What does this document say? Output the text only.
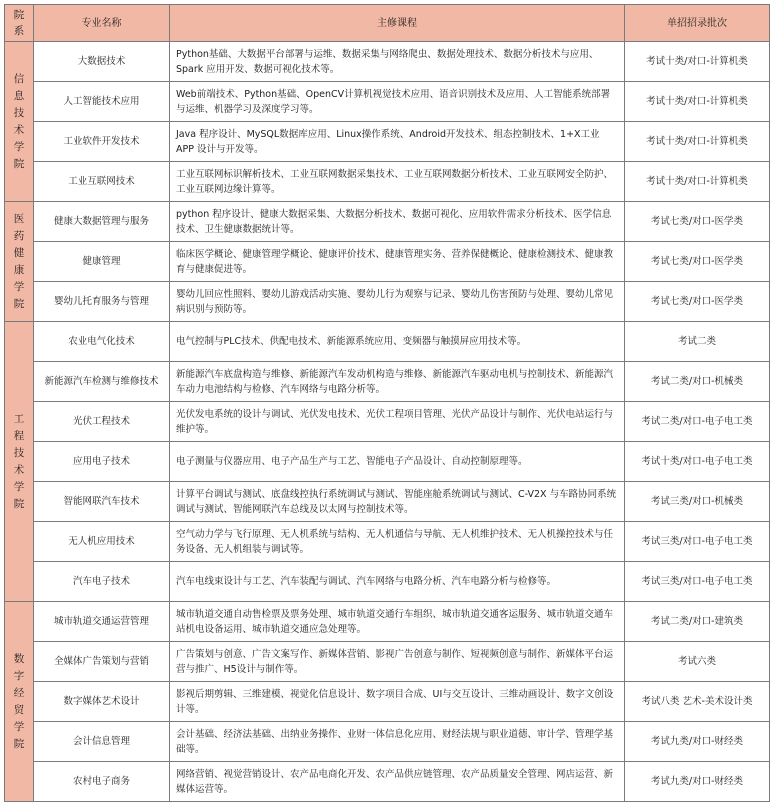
院系	专业名称	主修课程	单招招录批次
信息技术学院	大数据技术	Python基础、大数据平台部署与运维、数据采集与网络爬虫、数据处理技术、数据分析技术与应用、Spark 应用开发、数据可视化技术等。	考试十类/对口-计算机类
	人工智能技术应用	Web前端技术、Python基础、OpenCV计算机视觉技术应用、语音识别技术及应用、人工智能系统部署与运维、机器学习及深度学习等。	考试十类/对口-计算机类
	工业软件开发技术	Java 程序设计、MySQL数据库应用、Linux操作系统、Android开发技术、组态控制技术、1+X工业 APP 设计与开发等。	考试十类/对口-计算机类
	工业互联网技术	工业互联网标识解析技术、工业互联网数据采集技术、工业互联网数据分析技术、工业互联网安全防护、工业互联网边缘计算等。	考试十类/对口-计算机类
医药健康学院	健康大数据管理与服务	python 程序设计、健康大数据采集、大数据分析技术、数据可视化、应用软件需求分析技术、医学信息技术、卫生健康数据统计等。	考试七类/对口-医学类
	健康管理	临床医学概论、健康管理学概论、健康评价技术、健康管理实务、营养保健概论、健康检测技术、健康教育与健康促进等。	考试七类/对口-医学类
	婴幼儿托育服务与管理	婴幼儿回应性照料、婴幼儿游戏活动实施、婴幼儿行为观察与记录、婴幼儿伤害预防与处理、婴幼儿常见病识别与预防等。	考试七类/对口-医学类
工程技术学院	农业电气化技术	电气控制与PLC技术、供配电技术、新能源系统应用、变频器与触摸屏应用技术等。	考试二类
	新能源汽车检测与维修技术	新能源汽车底盘构造与维修、新能源汽车发动机构造与维修、新能源汽车驱动电机与控制技术、新能源汽车动力电池结构与检修、汽车网络与电路分析等。	考试二类/对口-机械类
	光伏工程技术	光伏发电系统的设计与调试、光伏发电技术、光伏工程项目管理、光伏产品设计与制作、光伏电站运行与维护等。	考试二类/对口-电子电工类
	应用电子技术	电子测量与仪器应用、电子产品生产与工艺、智能电子产品设计、自动控制原理等。	考试十类/对口-电子电工类
	智能网联汽车技术	计算平台调试与测试、底盘线控执行系统调试与测试、智能座舱系统调试与测试、C-V2X 与车路协同系统调试与测试、智能网联汽车总线及以太网与控制技术等。	考试三类/对口-机械类
	无人机应用技术	空气动力学与飞行原理、无人机系统与结构、无人机通信与导航、无人机维护技术、无人机操控技术与任务设备、无人机组装与调试等。	考试三类/对口-电子电工类
	汽车电子技术	汽车电线束设计与工艺、汽车装配与调试、汽车网络与电路分析、汽车电路分析与检修等。	考试三类/对口-电子电工类
数字经贸学院	城市轨道交通运营管理	城市轨道交通自动售检票及票务处理、城市轨道交通行车组织、城市轨道交通客运服务、城市轨道交通车站机电设备运用、城市轨道交通应急处理等。	考试二类/对口-建筑类
	全媒体广告策划与营销	广告策划与创意、广告文案写作、新媒体营销、影视广告创意与制作、短视频创意与制作、新媒体平台运营与推广、H5设计与制作等。	考试六类
	数字媒体艺术设计	影视后期剪辑、三维建模、视觉化信息设计、数字项目合成、UI与交互设计、三维动画设计、数字文创设计等。	考试八类 艺术-美术设计类
	会计信息管理	会计基础、经济法基础、出纳业务操作、业财一体信息化应用、财经法规与职业道德、审计学、管理学基础等。	考试九类/对口-财经类
	农村电子商务	网络营销、视觉营销设计、农产品电商化开发、农产品供应链管理、农产品质量安全管理、网店运营、新媒体运营等。	考试九类/对口-财经类
